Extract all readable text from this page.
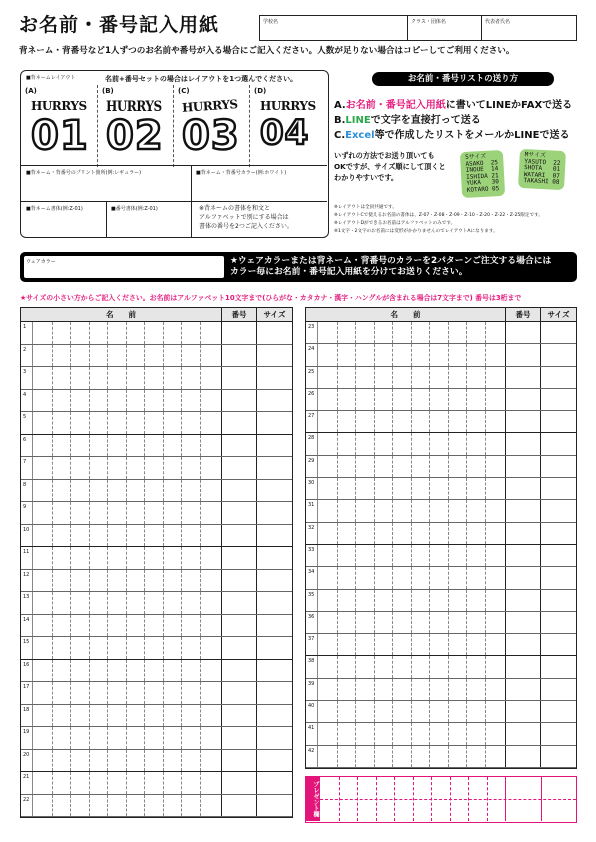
お名前・番号記入用紙	学校名	クラス・団体名	代表者氏名
背ネーム・背番号など1人ずつのお名前や番号が入る場合にご記入ください。人数が足りない場合はコピーしてご利用ください。
■背ネームレイアウト	名前+番号セットの場合はレイアウトを1つ選んでください。
(A)
HURRYS
01
(B)
HURRYS
02
(C)
HURRYS
03
(D)
HURRYS
04
■背ネーム・背番号のプリント箇所(例:レギュラー)	■背ネーム・背番号カラー(例:ホワイト)
■背ネーム書体(例:Z-01)	■番号書体(例:Z-01)	※背ネームの書体を和文と
アルファベットで別にする場合は
書体の番号を2つご記入ください。
お名前・番号リストの送り方
A.お名前・番号記入用紙に書いてLINEかFAXで送る
B.LINEで文字を直接打って送る
C.Excel等で作成したリストをメールかLINEで送る
いずれの方法でお送り頂いても
OKですが、サイズ順にして頂くと
わかりやすいです。
Sサイズ
ASAKO  25
INOUE  14
ISHIDA 21
YUKA   30
KOTARO 05
Mサイズ
YASUTO  22
SHOTA   01
WATARI  07
TAKASHI 08
※レイアウトは全員共通です。
※レイアウトCで使えるお名前の書体は、Z-07・Z-08・Z-09・Z-10・Z-20・Z-22・Z-25限定です。
※レイアウトDができるお名前はアルファベットのみです。
※1文字・2文字のお名前には変形がかかりませんのでレイアウトAになります。
ウェアカラー	★ウェアカラーまたは背ネーム・背番号のカラーを2パターンご注文する場合には
カラー毎にお名前・番号記入用紙を分けてお送りください。
★サイズの小さい方からご記入ください。お名前はアルファベット10文字まで(ひらがな・カタカナ・漢字・ハングルが含まれる場合は7文字まで) 番号は3桁まで
名　　前	番号	サイズ
1
2
3
4
5
6
7
8
9
10
11
12
13
14
15
16
17
18
19
20
21
22
名　　前	番号	サイズ
23
24
25
26
27
28
29
30
31
32
33
34
35
36
37
38
39
40
41
42
プレゼント欄
